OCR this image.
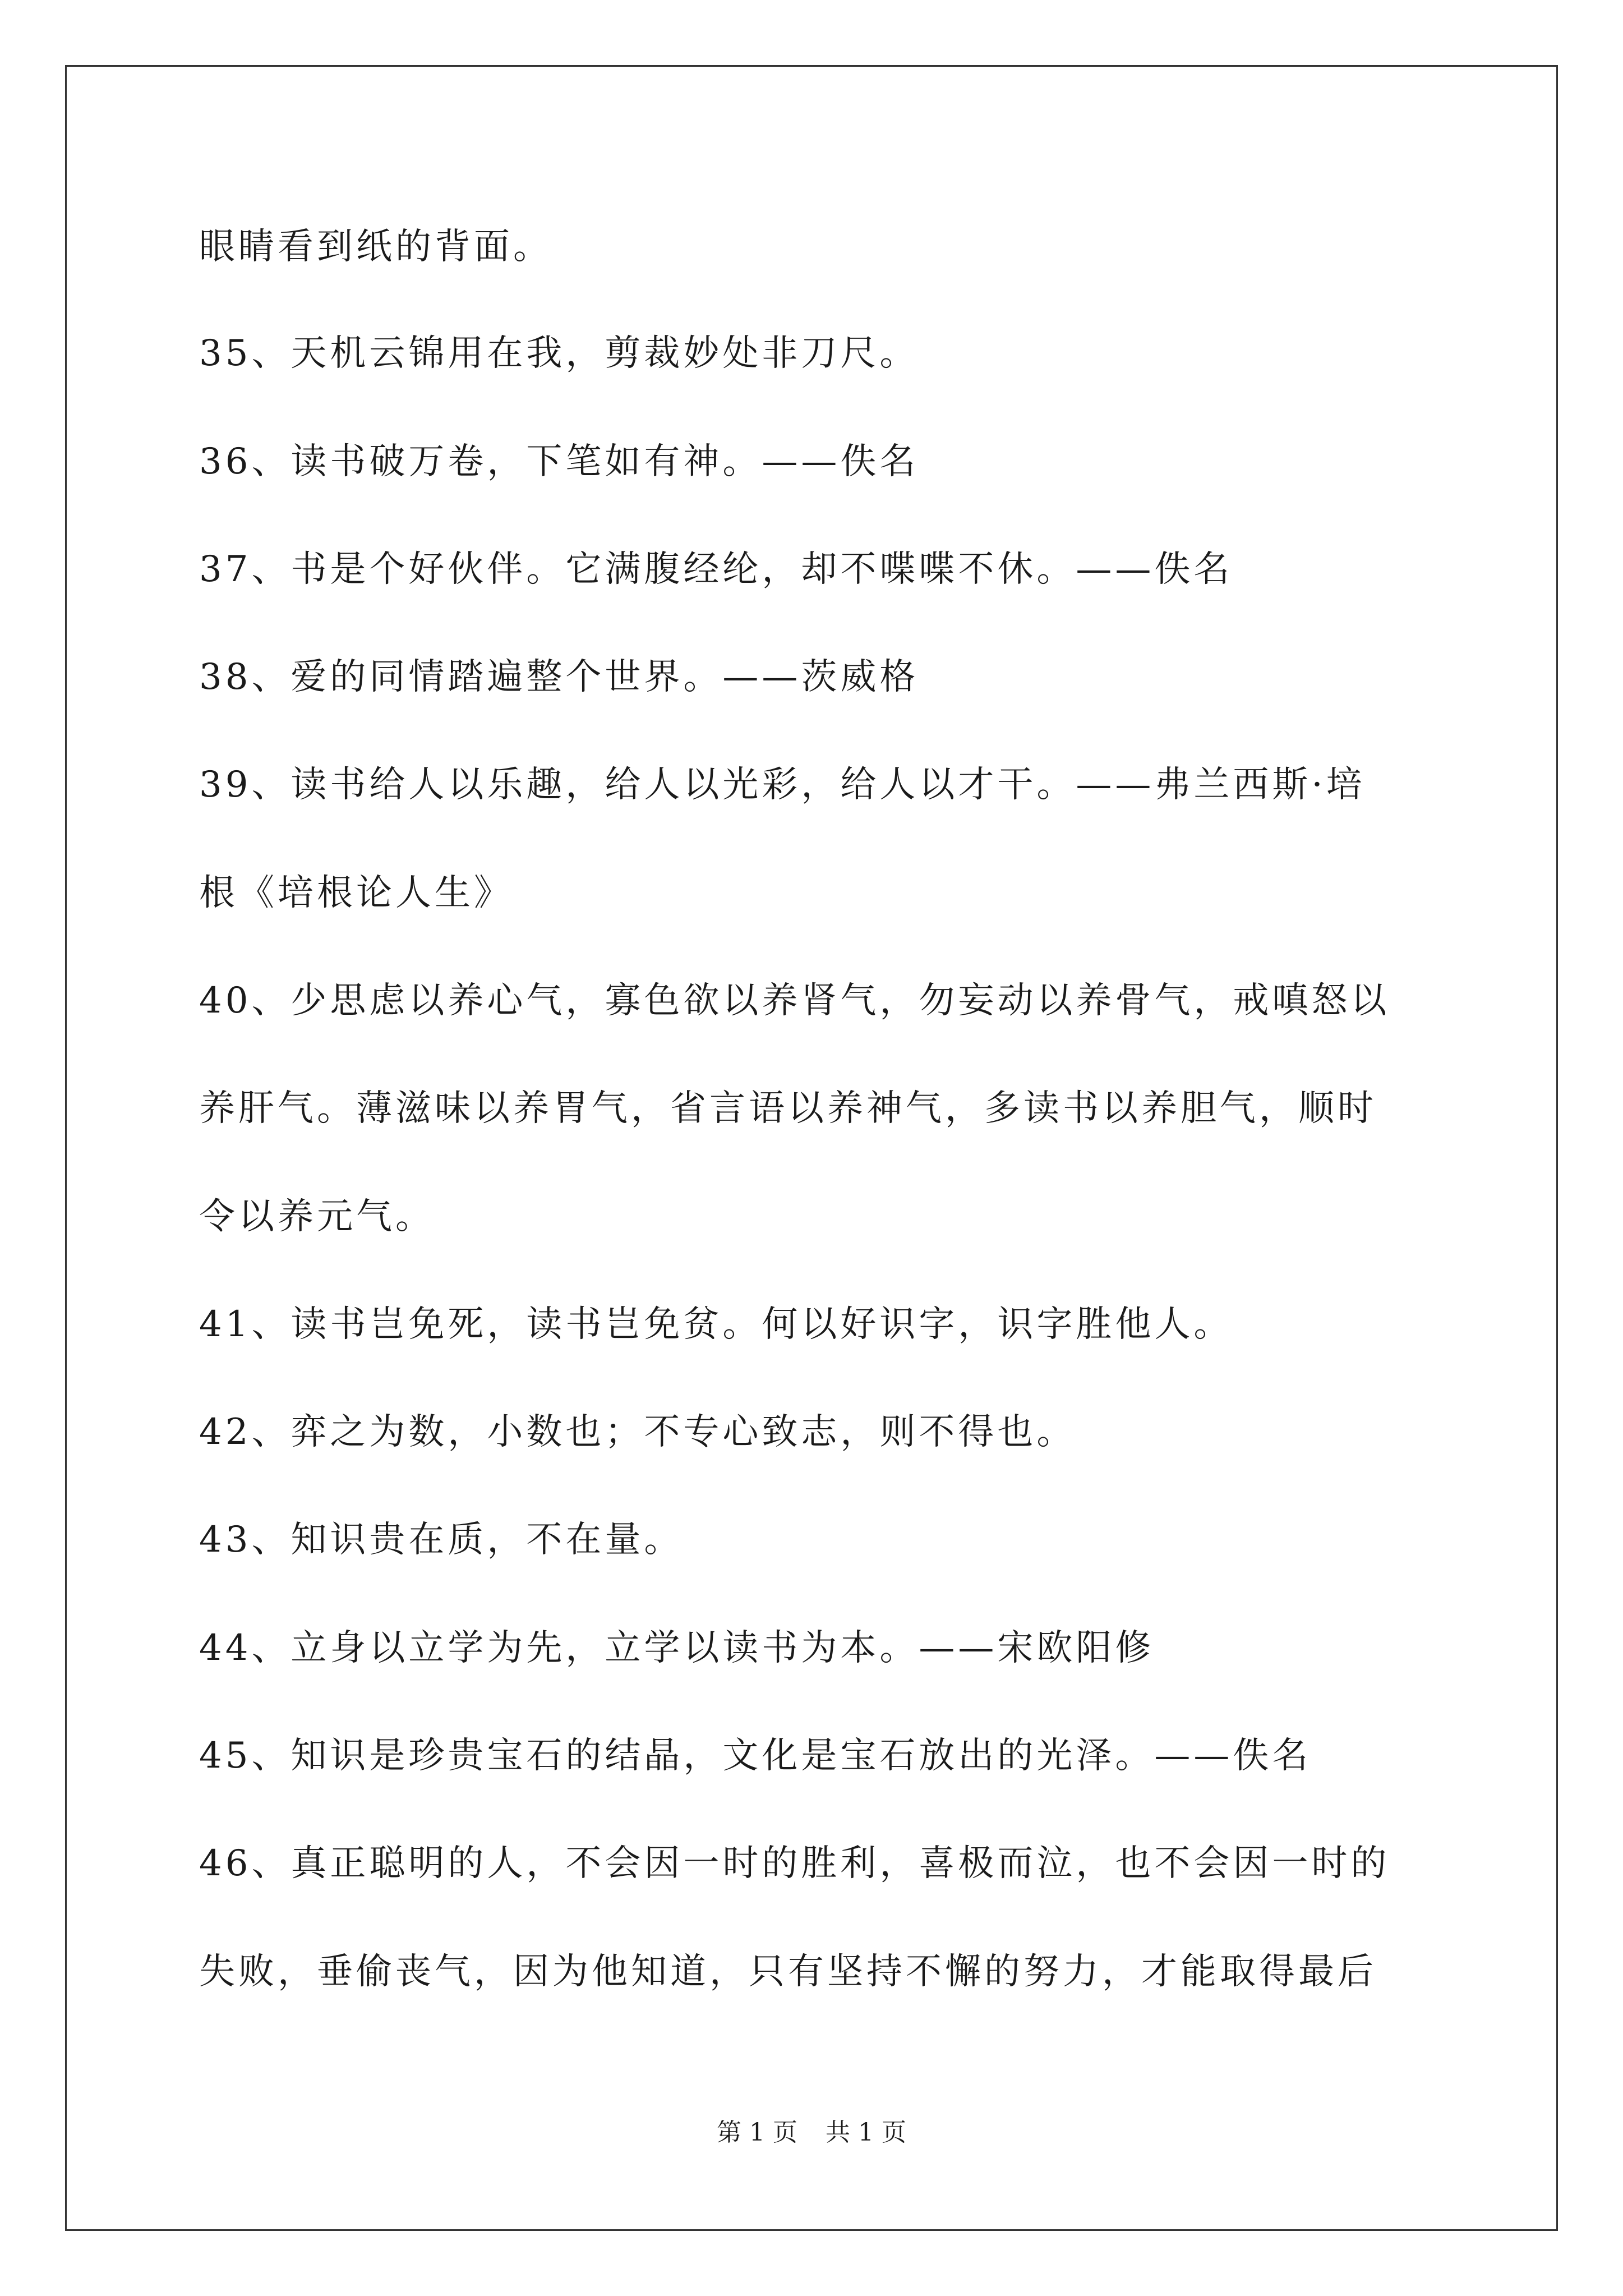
眼睛看到纸的背面。
35、天机云锦用在我，剪裁妙处非刀尺。
36、读书破万卷，下笔如有神。——佚名
37、书是个好伙伴。它满腹经纶，却不喋喋不休。——佚名
38、爱的同情踏遍整个世界。——茨威格
39、读书给人以乐趣，给人以光彩，给人以才干。——弗兰西斯·培
根《培根论人生》
40、少思虑以养心气，寡色欲以养肾气，勿妄动以养骨气，戒嗔怒以
养肝气。薄滋味以养胃气，省言语以养神气，多读书以养胆气，顺时
令以养元气。
41、读书岂免死，读书岂免贫。何以好识字，识字胜他人。
42、弈之为数，小数也；不专心致志，则不得也。
43、知识贵在质，不在量。
44、立身以立学为先，立学以读书为本。——宋欧阳修
45、知识是珍贵宝石的结晶，文化是宝石放出的光泽。——佚名
46、真正聪明的人，不会因一时的胜利，喜极而泣，也不会因一时的
失败，垂偷丧气，因为他知道，只有坚持不懈的努力，才能取得最后
第 1 页 共 1 页
